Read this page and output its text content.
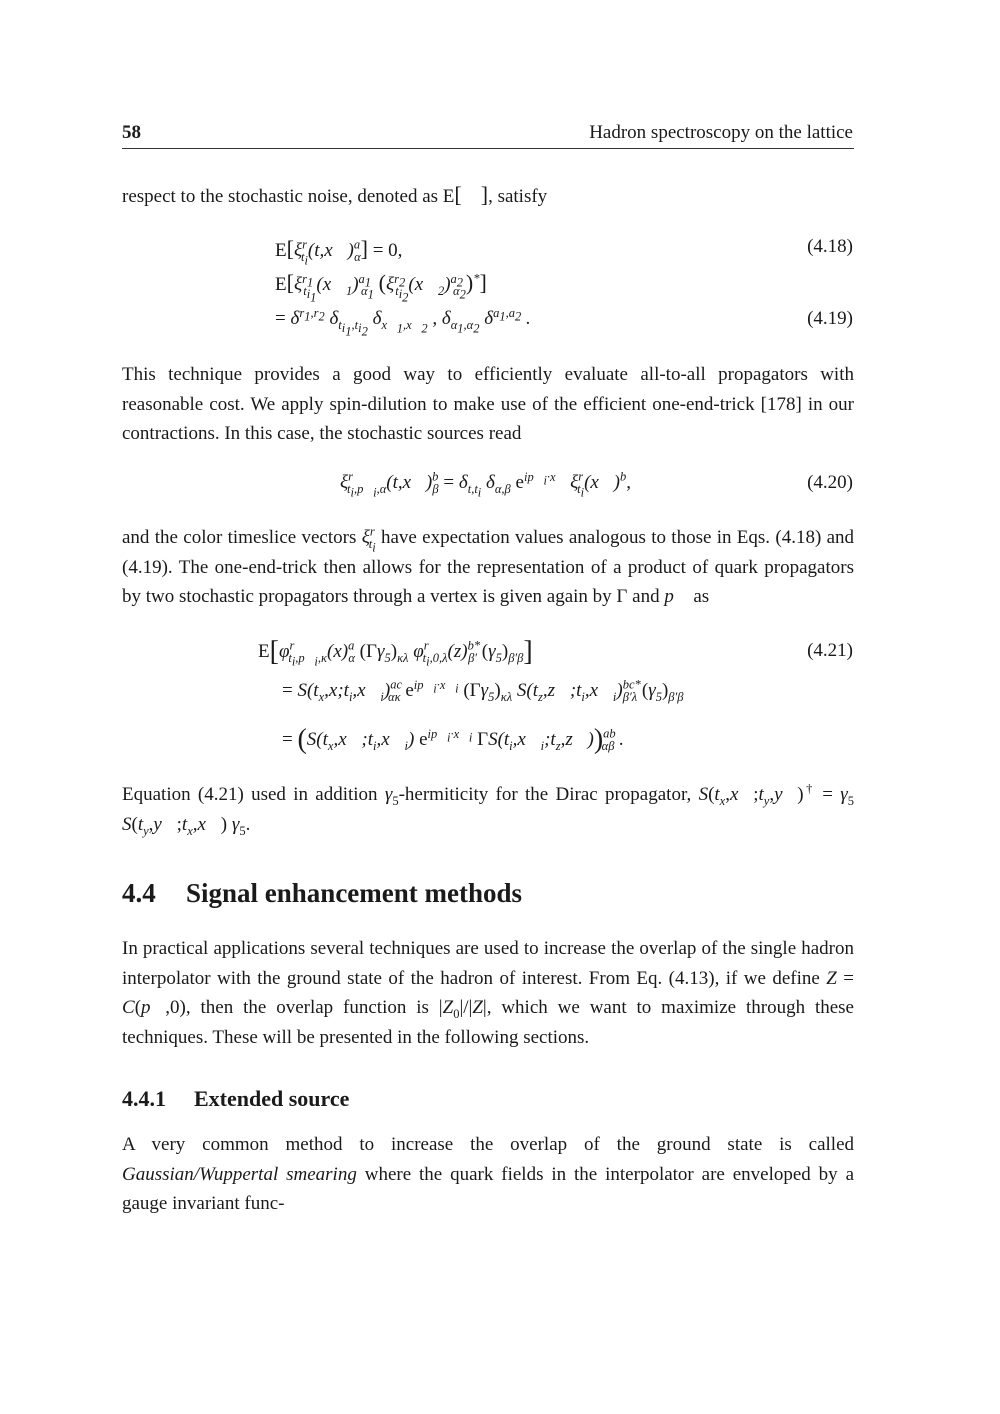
58	Hadron spectroscopy on the lattice
respect to the stochastic noise, denoted as E[ ], satisfy
$E[\xi^r_{t_i}(t,x⃗)^a_\alpha] = 0$,	(4.18)
$E[\xi^{r_1}_{t_{i_1}}(x⃗_1)^{a_1}_{\alpha_1}$ $(\xi^{r_2}_{t_{i_2}}(x⃗_2)^{a_2}_{\alpha_2})^*$]
= $\delta^{r_1,r_2}$ $\delta_{t_{i_1},t_{i_2}}$ $\delta_{x⃗_1,x⃗_2}$ , $\delta_{\alpha_1,\alpha_2}$ $\delta^{a_1,a_2}$ .	(4.19)
This technique provides a good way to efficiently evaluate all-to-all propagators with reasonable cost. We apply spin-dilution to make use of the efficient one-end-trick [178] in our contractions. In this case, the stochastic sources read
$\xi^r_{t_i,p⃗_i,\alpha}(t,x⃗)^b_\beta = \delta_{t,t_i}$ $\delta_{\alpha,\beta}$ $e^{ip⃗_i\cdot x⃗}$ $\xi^r_{t_i}(x⃗)^b$,	(4.20)
and the color timeslice vectors $\xi^r_{t_i}$ have expectation values analogous to those in Eqs. (4.18) and (4.19). The one-end-trick then allows for the representation of a product of quark propagators by two stochastic propagators through a vertex is given again by Γ and p⃗ as
$E[\varphi^r_{t_i,p⃗_i,\kappa}(x)^a_\alpha$ $(\Gamma\gamma_5)_{\kappa\lambda}$ $\varphi^r_{t_i,0,\lambda}(z)^{b*}_{\beta'}$ $(\gamma_5)_{\beta'\beta}$]	(4.21)
= $S(t_x,x;t_i,x⃗_i)^{ac}_{\alpha\kappa}$ $e^{ip⃗_i\cdot x⃗_i}$ $(\Gamma\gamma_5)_{\kappa\lambda}$ $S(t_z,z⃗;t_i,x⃗_i)^{bc*}_{\beta'\lambda}$ $(\gamma_5)_{\beta'\beta}$
= ($S(t_x,x⃗;t_i,x⃗_i)$ $e^{ip⃗_i\cdot x⃗_i}$ $\Gamma S(t_i,x⃗_i;t_z,z⃗))^{ab}_{\alpha\beta}$ .
Equation (4.21) used in addition $\gamma_5$-hermiticity for the Dirac propagator, $S(t_x,x⃗;t_y,y⃗)^\dagger = \gamma_5$ $S(t_y,y⃗;t_x,x⃗)$ $\gamma_5$.
4.4 Signal enhancement methods
In practical applications several techniques are used to increase the overlap of the single hadron interpolator with the ground state of the hadron of interest. From Eq. (4.13), if we define Z = C(p⃗,0), then the overlap function is $|Z_0|/|Z|$, which we want to maximize through these techniques. These will be presented in the following sections.
4.4.1 Extended source
A very common method to increase the overlap of the ground state is called Gaussian/Wuppertal smearing where the quark fields in the interpolator are enveloped by a gauge invariant func-
